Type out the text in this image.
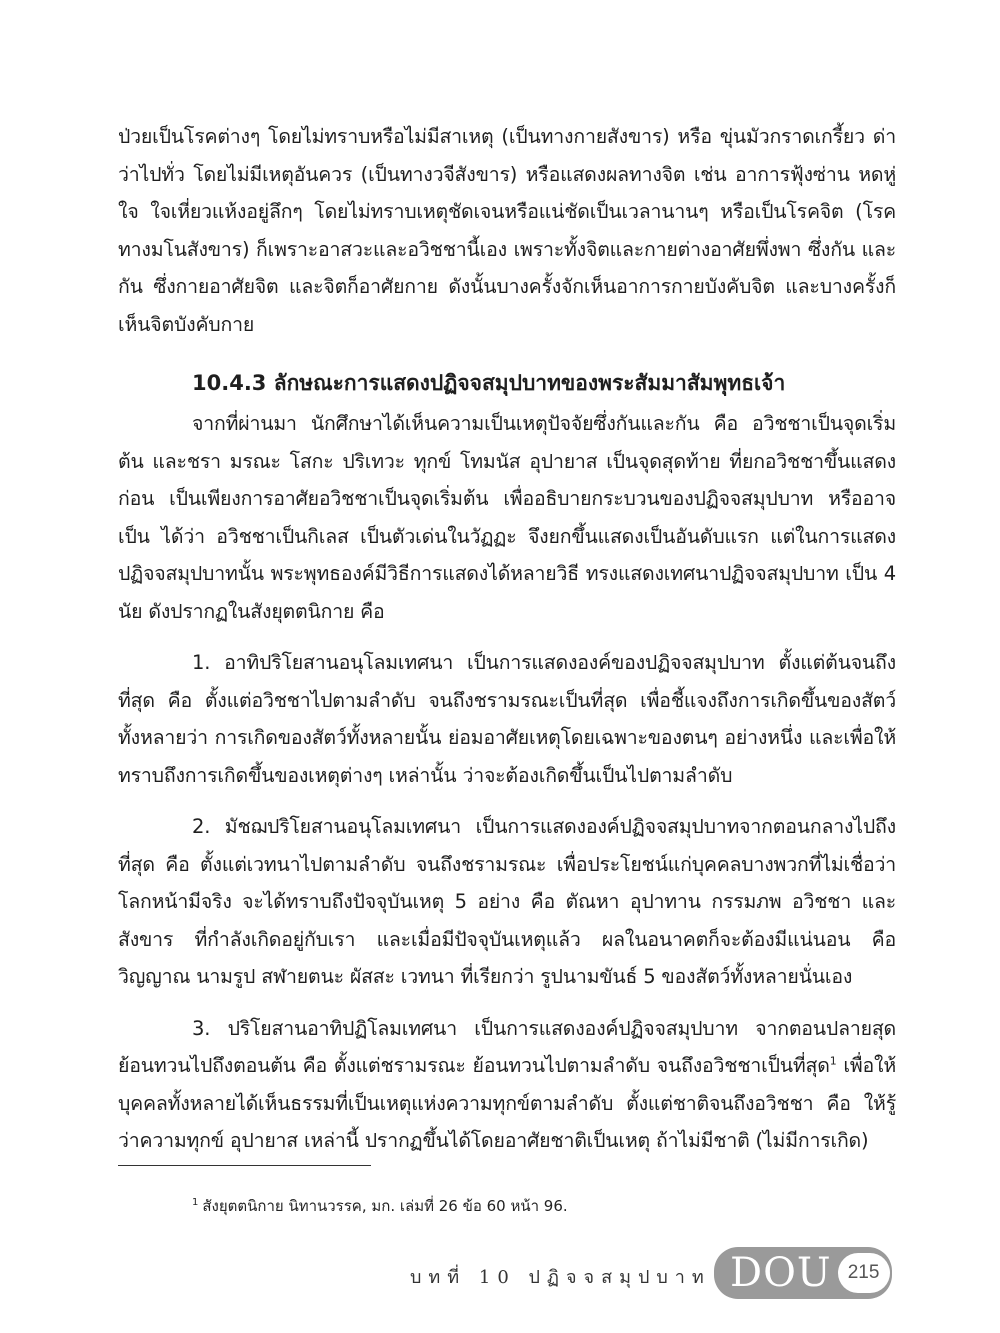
ป่วยเป็นโรคต่างๆ โดยไม่ทราบหรือไม่มีสาเหตุ (เป็นทางกายสังขาร) หรือ ขุ่นมัวกราดเกรี้ยว ด่าว่าไปทั่ว โดยไม่มีเหตุอันควร (เป็นทางวจีสังขาร) หรือแสดงผลทางจิต เช่น อาการฟุ้งซ่าน หดหู่ใจ ใจเหี่ยวแห้งอยู่ลึกๆ โดยไม่ทราบเหตุชัดเจนหรือแน่ชัดเป็นเวลานานๆ หรือเป็นโรคจิต (โรคทางมโนสังขาร) ก็เพราะอาสวะและอวิชชานี้เอง เพราะทั้งจิตและกายต่างอาศัยพึ่งพา ซึ่งกัน และกัน ซึ่งกายอาศัยจิต และจิตก็อาศัยกาย ดังนั้นบางครั้งจักเห็นอาการกายบังคับจิต และบางครั้งก็เห็นจิตบังคับกาย

10.4.3 ลักษณะการแสดงปฏิจจสมุปบาทของพระสัมมาสัมพุทธเจ้า

จากที่ผ่านมา นักศึกษาได้เห็นความเป็นเหตุปัจจัยซึ่งกันและกัน คือ อวิชชาเป็นจุดเริ่มต้น และชรา มรณะ โสกะ ปริเทวะ ทุกข์ โทมนัส อุปายาส เป็นจุดสุดท้าย ที่ยกอวิชชาขึ้นแสดงก่อน เป็นเพียงการอาศัยอวิชชาเป็นจุดเริ่มต้น เพื่ออธิบายกระบวนของปฏิจจสมุปบาท หรืออาจเป็น ได้ว่า อวิชชาเป็นกิเลส เป็นตัวเด่นในวัฏฏะ จึงยกขึ้นแสดงเป็นอันดับแรก แต่ในการแสดง ปฏิจจสมุปบาทนั้น พระพุทธองค์มีวิธีการแสดงได้หลายวิธี ทรงแสดงเทศนาปฏิจจสมุปบาท เป็น 4 นัย ดังปรากฏในสังยุตตนิกาย คือ

1. อาทิปริโยสานอนุโลมเทศนา เป็นการแสดงองค์ของปฏิจจสมุปบาท ตั้งแต่ต้นจนถึง ที่สุด คือ ตั้งแต่อวิชชาไปตามลำดับ จนถึงชรามรณะเป็นที่สุด เพื่อชี้แจงถึงการเกิดขึ้นของสัตว์ ทั้งหลายว่า การเกิดของสัตว์ทั้งหลายนั้น ย่อมอาศัยเหตุโดยเฉพาะของตนๆ อย่างหนึ่ง และเพื่อให้ ทราบถึงการเกิดขึ้นของเหตุต่างๆ เหล่านั้น ว่าจะต้องเกิดขึ้นเป็นไปตามลำดับ

2. มัชฌปริโยสานอนุโลมเทศนา เป็นการแสดงองค์ปฏิจจสมุปบาทจากตอนกลางไปถึง ที่สุด คือ ตั้งแต่เวทนาไปตามลำดับ จนถึงชรามรณะ เพื่อประโยชน์แก่บุคคลบางพวกที่ไม่เชื่อว่า โลกหน้ามีจริง จะได้ทราบถึงปัจจุบันเหตุ 5 อย่าง คือ ตัณหา อุปาทาน กรรมภพ อวิชชา และ สังขาร ที่กำลังเกิดอยู่กับเรา และเมื่อมีปัจจุบันเหตุแล้ว ผลในอนาคตก็จะต้องมีแน่นอน คือ วิญญาณ นามรูป สฬายตนะ ผัสสะ เวทนา ที่เรียกว่า รูปนามขันธ์ 5 ของสัตว์ทั้งหลายนั่นเอง

3. ปริโยสานอาทิปฏิโลมเทศนา เป็นการแสดงองค์ปฏิจจสมุปบาท จากตอนปลายสุด ย้อนทวนไปถึงตอนต้น คือ ตั้งแต่ชรามรณะ ย้อนทวนไปตามลำดับ จนถึงอวิชชาเป็นที่สุด$^1$ เพื่อให้บุคคลทั้งหลายได้เห็นธรรมที่เป็นเหตุแห่งความทุกข์ตามลำดับ ตั้งแต่ชาติจนถึงอวิชชา คือ ให้รู้ว่าความทุกข์ อุปายาส เหล่านี้ ปรากฏขึ้นได้โดยอาศัยชาติเป็นเหตุ ถ้าไม่มีชาติ (ไม่มีการเกิด)

$^1$ สังยุตตนิกาย นิทานวรรค, มก. เล่มที่ 26 ข้อ 60 หน้า 96.
บทที่ 10 ปฏิจจสมุปบาท DOU 215
